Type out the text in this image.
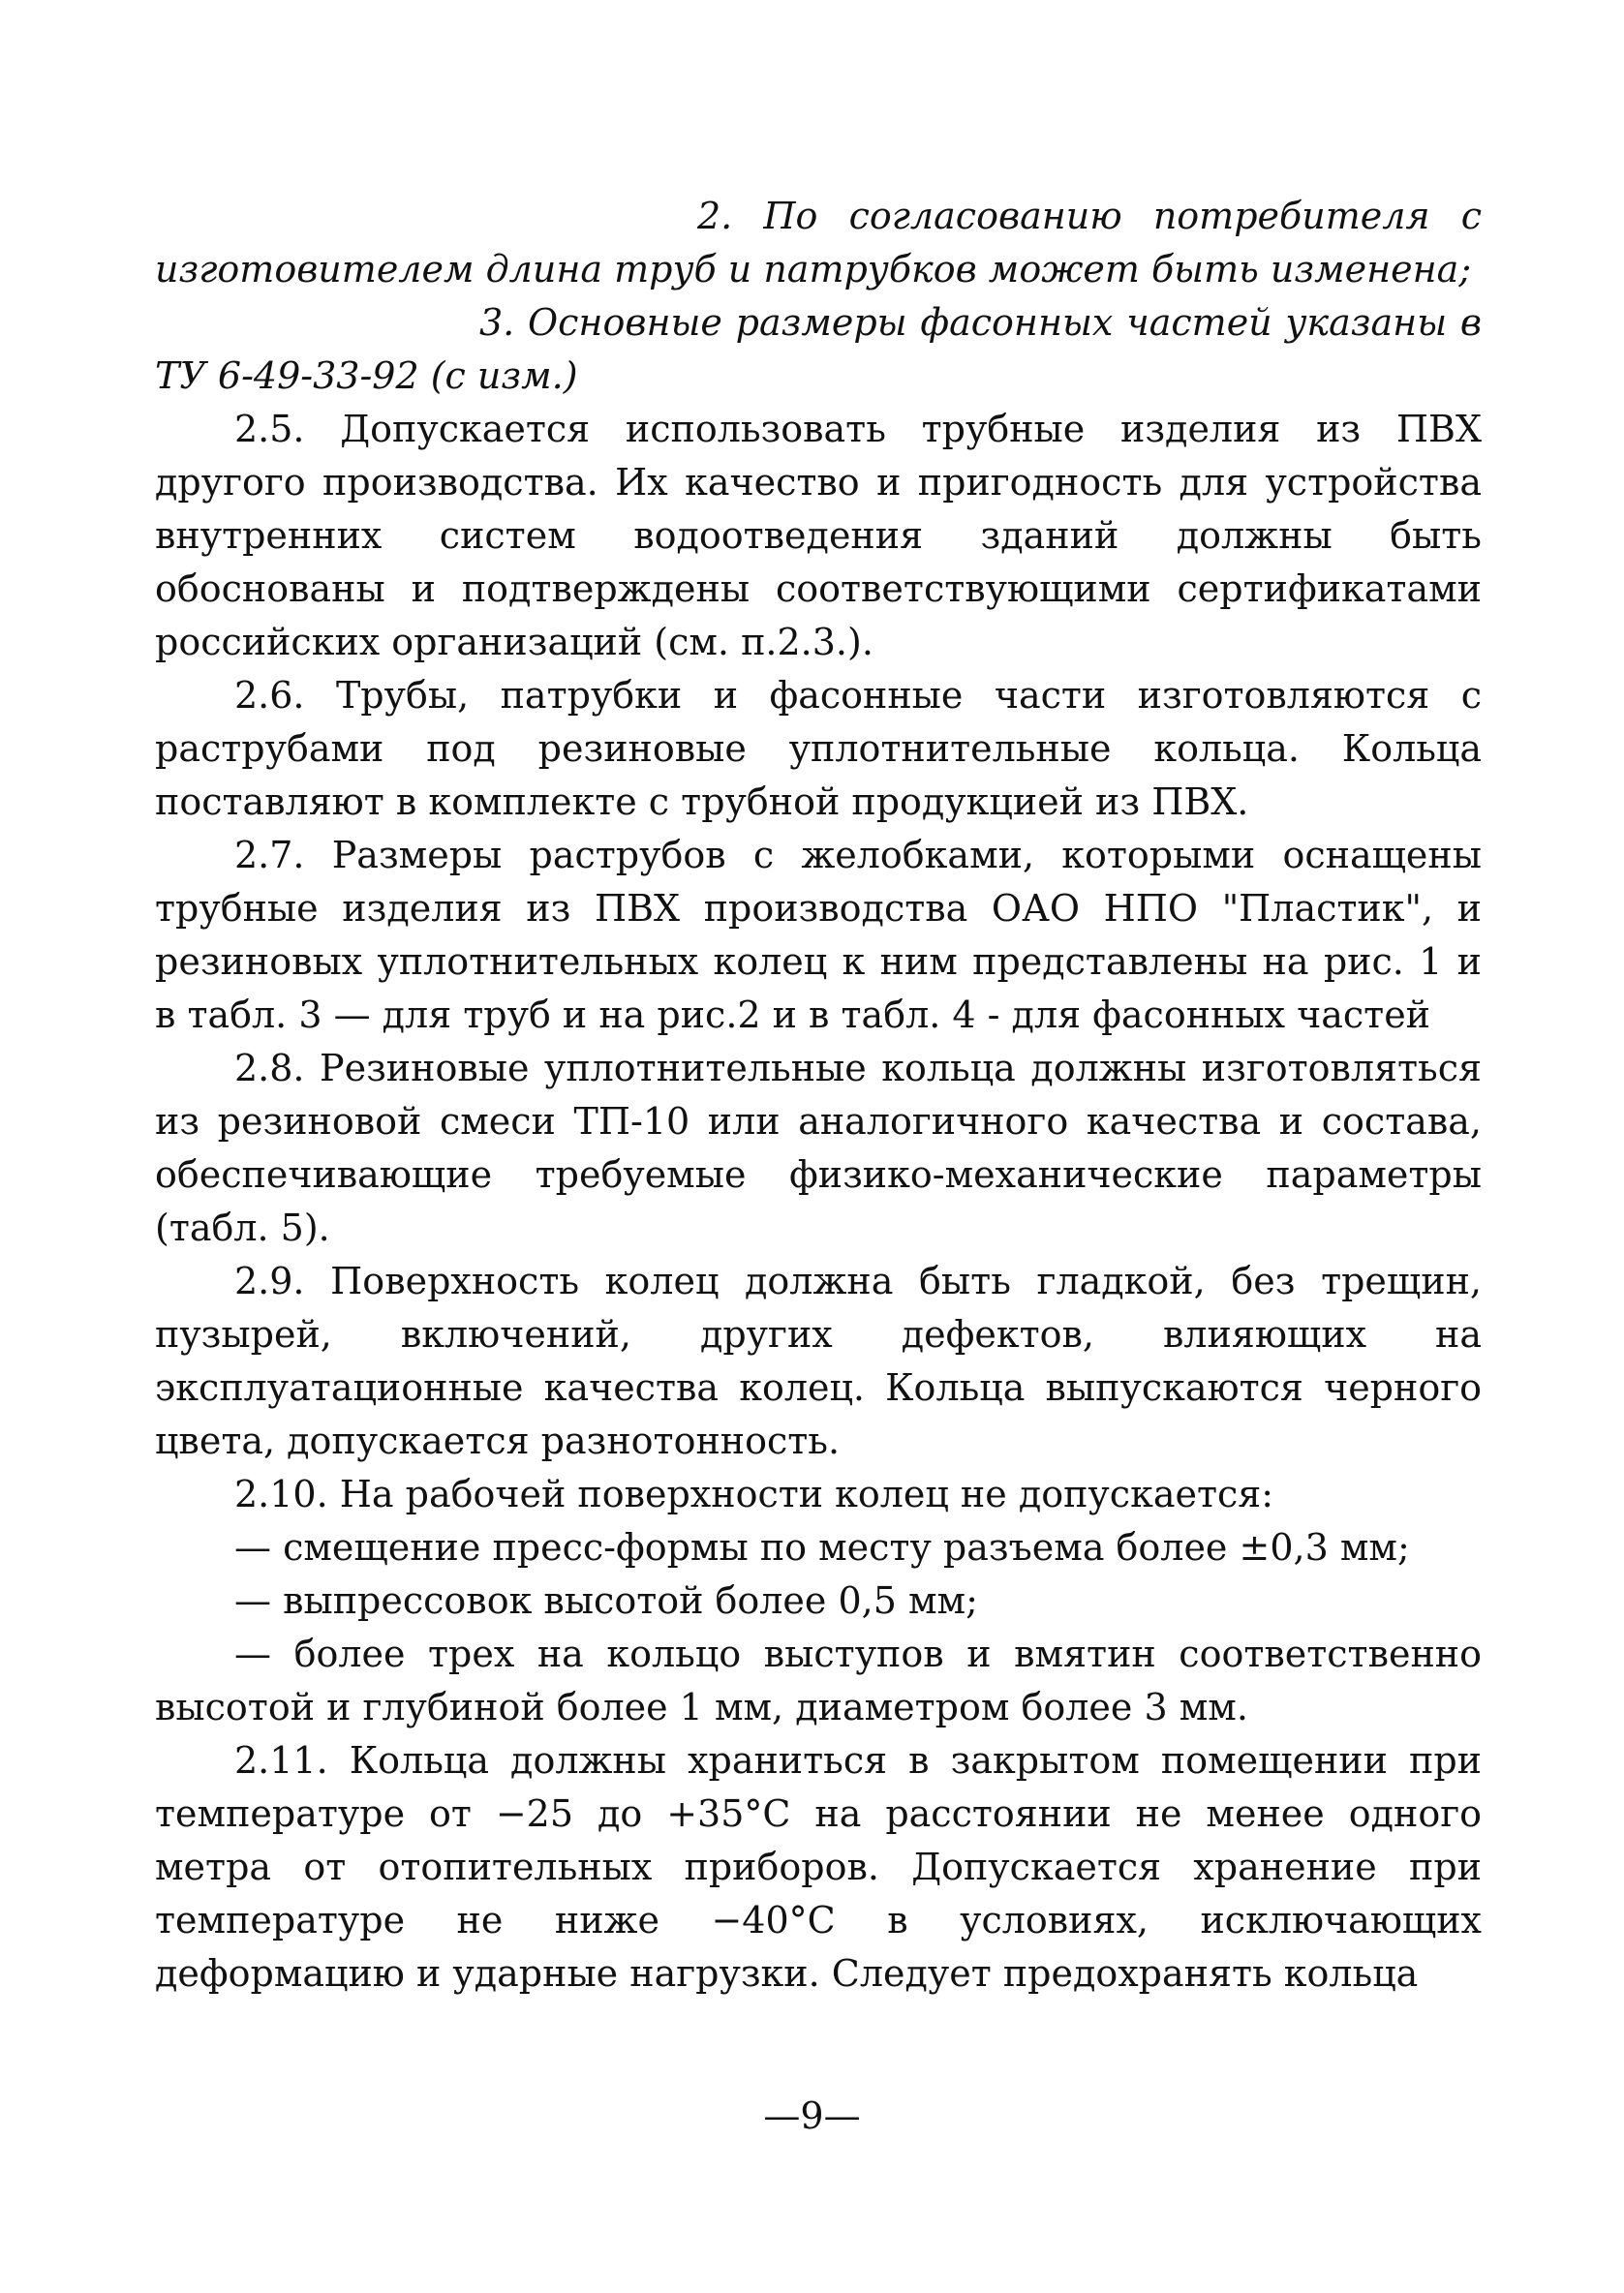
2. По согласованию потребителя с изготовителем длина труб и патрубков может быть изменена;

3. Основные размеры фасонных частей указаны в ТУ 6-49-33-92 (с изм.)

2.5. Допускается использовать трубные изделия из ПВХ другого производства. Их качество и пригодность для устройства внутренних систем водоотведения зданий должны быть обоснованы и подтверждены соответствующими сертификатами российских организаций (см. п.2.3.).

2.6. Трубы, патрубки и фасонные части изготовляются с раструбами под резиновые уплотнительные кольца. Кольца поставляют в комплекте с трубной продукцией из ПВХ.

2.7. Размеры раструбов с желобками, которыми оснащены трубные изделия из ПВХ производства ОАО НПО "Пластик", и резиновых уплотнительных колец к ним представлены на рис. 1 и в табл. 3 — для труб и на рис.2 и в табл. 4 - для фасонных частей

2.8. Резиновые уплотнительные кольца должны изготовляться из резиновой смеси ТП-10 или аналогичного качества и состава, обеспечивающие требуемые физико-механические параметры (табл. 5).

2.9. Поверхность колец должна быть гладкой, без трещин, пузырей, включений, других дефектов, влияющих на эксплуатационные качества колец. Кольца выпускаются черного цвета, допускается разнотонность.

2.10. На рабочей поверхности колец не допускается:

— смещение пресс-формы по месту разъема более ±0,3 мм;

— выпрессовок высотой более 0,5 мм;

— более трех на кольцо выступов и вмятин соответственно высотой и глубиной более 1 мм, диаметром более 3 мм.

2.11. Кольца должны храниться в закрытом помещении при температуре от −25 до +35°С на расстоянии не менее одного метра от отопительных приборов. Допускается хранение при температуре не ниже −40°С в условиях, исключающих деформацию и ударные нагрузки. Следует предохранять кольца

—9—
